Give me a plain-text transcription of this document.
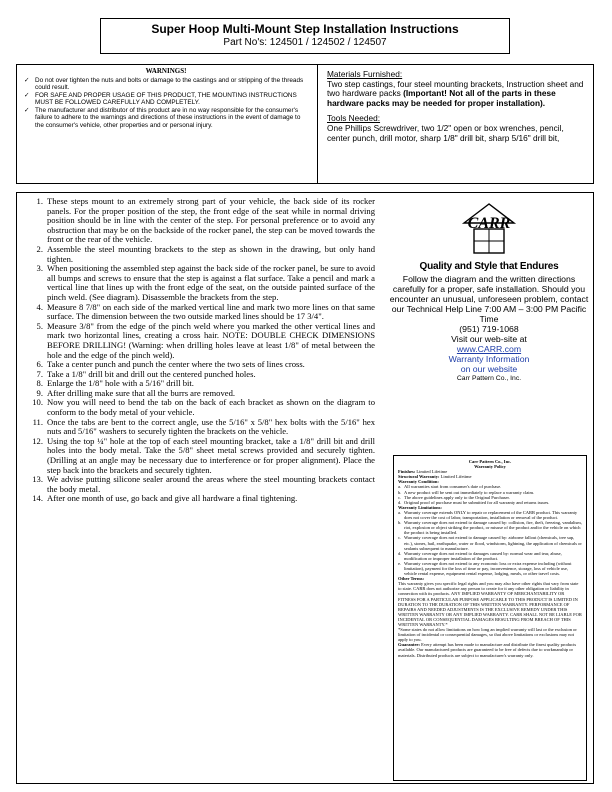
Super Hoop Multi-Mount Step Installation Instructions
Part No's: 124501 / 124502 / 124507
WARNINGS!
✓ Do not over tighten the nuts and bolts or damage to the castings and or stripping of the threads could result.
✓ FOR SAFE AND PROPER USAGE OF THIS PRODUCT, THE MOUNTING INSTRUCTIONS MUST BE FOLLOWED CAREFULLY AND COMPLETELY.
✓ The manufacturer and distributor of this product are in no way responsible for the consumer's failure to adhere to the warnings and directions of these instructions in the event of damage to the consumer's vehicle, other properties and or personal injury.
Materials Furnished:
Two step castings, four steel mounting brackets, Instruction sheet and two hardware packs (Important! Not all of the parts in these hardware packs may be needed for proper installation).
Tools Needed:
One Phillips Screwdriver, two 1/2" open or box wrenches, pencil, center punch, drill motor, sharp 1/8" drill bit, sharp 5/16" drill bit,
1. These steps mount to an extremely strong part of your vehicle, the back side of its rocker panels. For the proper position of the step, the front edge of the seat while in normal driving position should be in line with the center of the step. For personal preference or to avoid any obstruction that may be on the backside of the rocker panel, the step can be moved towards the front or the rear of the vehicle.
2. Assemble the steel mounting brackets to the step as shown in the drawing, but only hand tighten.
3. When positioning the assembled step against the back side of the rocker panel, be sure to avoid all bumps and screws to ensure that the step is against a flat surface. Take a pencil and mark a vertical line that lines up with the front edge of the seat, on the outside painted surface of the pinch weld. (See diagram). Disassemble the brackets from the step.
4. Measure 8 7/8" on each side of the marked vertical line and mark two more lines on that same surface. The dimension between the two outside marked lines should be 17 3/4".
5. Measure 3/8" from the edge of the pinch weld where you marked the other vertical lines and mark two horizontal lines, creating a cross hair. NOTE: DOUBLE CHECK DIMENSIONS BEFORE DRILLING! (Warning: when drilling holes leave at least 1/8" of metal between the hole and the edge of the pinch weld).
6. Take a center punch and punch the center where the two sets of lines cross.
7. Take a 1/8" drill bit and drill out the centered punched holes.
8. Enlarge the 1/8" hole with a 5/16" drill bit.
9. After drilling make sure that all the burrs are removed.
10. Now you will need to bend the tab on the back of each bracket as shown on the diagram to conform to the body metal of your vehicle.
11. Once the tabs are bent to the correct angle, use the 5/16" x 5/8" hex bolts with the 5/16" hex nuts and 5/16" washers to securely tighten the brackets on the vehicle.
12. Using the top ¼" hole at the top of each steel mounting bracket, take a 1/8" drill bit and drill holes into the body metal. Take the 5/8" sheet metal screws provided and securely tighten. (Drilling at an angle may be necessary due to interference or for proper alignment). Place the step back into the brackets and securely tighten.
13. We advise putting silicone sealer around the areas where the steel mounting brackets contact the body metal.
14. After one month of use, go back and give all hardware a final tightening.
CARR
Quality and Style that Endures
Follow the diagram and the written directions carefully for a proper, safe installation. Should you encounter an unusual, unforeseen problem, contact our Technical Help Line 7:00 AM – 3:00 PM Pacific Time
(951) 719-1068
Visit our web-site at
www.CARR.com
Warranty Information
on our website
Carr Pattern Co., Inc.
Carr Pattern Co., Inc.
Warranty Policy
Finishes: Limited Lifetime
Structural Warranty: Limited Lifetime
Warranty Condition:
a. All warranties start from consumer's date of purchase.
b. A new product will be sent out immediately to replace a warranty claim.
c. The above guidelines apply only to the Original Purchaser.
d. Original proof of purchase must be submitted for all warranty and returns issues.
Warranty Limitations:
a. Warranty coverage extends ONLY to repair or replacement of the CARR product. This warranty does not cover the cost of labor, transportation, installation or removal of the product.
b. Warranty coverage does not extend to damage caused by: collision, fire, theft, freezing, vandalism, riot, explosion or object striking the product, or misuse of the product and/or the vehicle on which the product is being installed.
c. Warranty coverage does not extend to damage caused by: airborne fallout (chemicals, tree sap, etc.), stones, hail, earthquake, water or flood, windstorm, lightning, the application of chemicals or sealants subsequent to manufacture.
d. Warranty coverage does not extend to damages caused by: normal wear and tear, abuse, modification or improper installation of the product.
e. Warranty coverage does not extend to any economic loss or extra expense including (without limitation), payment for the loss of time or pay, inconvenience, storage, loss of vehicle use, vehicle rental expense, equipment rental expense, lodging, meals, or other travel costs.
Other Terms:
This warranty gives you specific legal rights and you may also have other rights that vary from state to state. CARR does not authorize any person to create for it any other obligation or liability in connection with its products. ANY IMPLIED WARRANTY OF MERCHANTABILITY OR FITNESS FOR A PARTICULAR PURPOSE APPLICABLE TO THIS PRODUCT IS LIMITED IN DURATION TO THE DURATION OF THIS WRITTEN WARRANTY. PERFORMANCE OF REPAIRS AND NEEDED ADJUSTMENTS IS THE EXCLUSIVE REMEDY UNDER THIS WRITTEN WARRANTY OR ANY IMPLIED WARRANTY. CARR SHALL NOT BE LIABLE FOR INCIDENTAL OR CONSEQUENTIAL DAMAGES RESULTING FROM BREACH OF THIS WRITTEN WARRANTY.*
*Some states do not allow limitations on how long an implied warranty will last or the exclusion or limitation of incidental or consequential damages, so that above limitations or exclusions may not apply to you.
Guarantee: Every attempt has been made to manufacture and distribute the finest quality products available. Our manufactured products are guaranteed to be free of defects due to workmanship or materials. Distributed products are subject to manufacturer's warranty only.
